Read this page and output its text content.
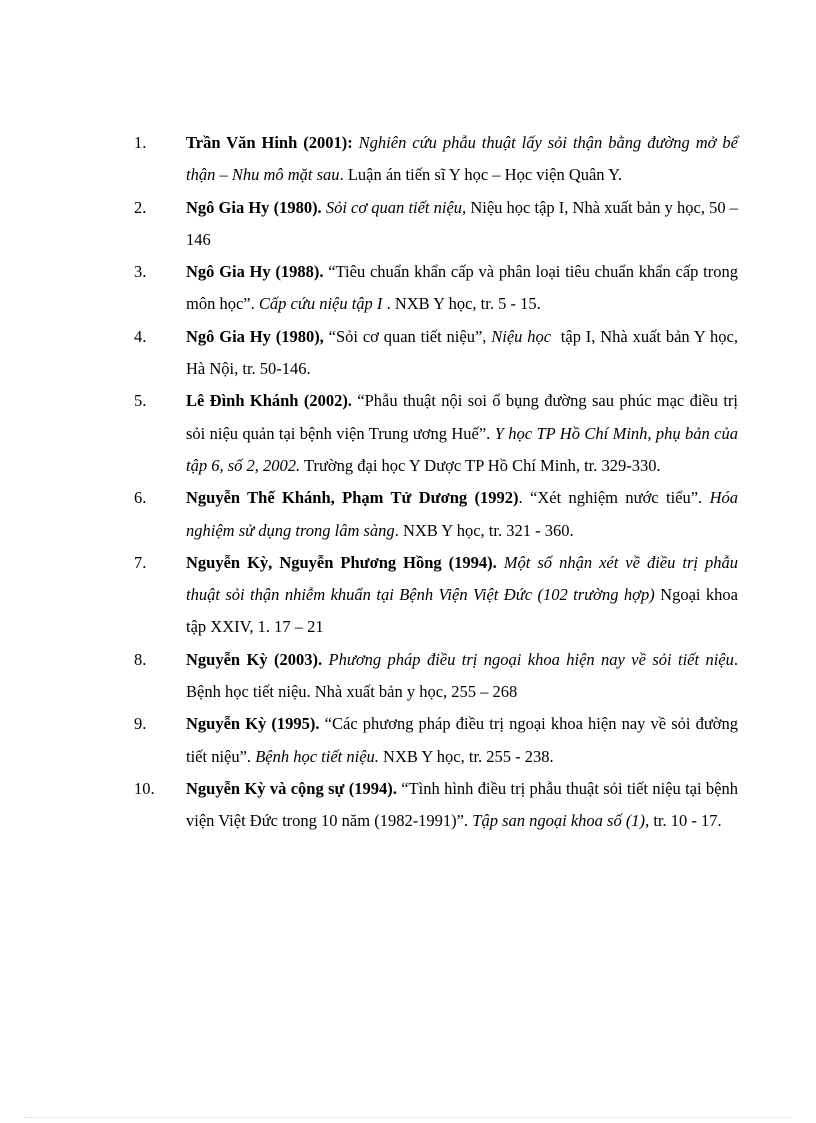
1. Trần Văn Hinh (2001): Nghiên cứu phẫu thuật lấy sỏi thận bằng đường mở bể thận – Nhu mô mặt sau. Luận án tiến sĩ Y học – Học viện Quân Y.
2. Ngô Gia Hy (1980). Sỏi cơ quan tiết niệu, Niệu học tập I, Nhà xuất bản y học, 50 – 146
3. Ngô Gia Hy (1988). “Tiêu chuẩn khẩn cấp và phân loại tiêu chuẩn khẩn cấp trong môn học”. Cấp cứu niệu tập I . NXB Y học, tr. 5 - 15.
4. Ngô Gia Hy (1980), “Sỏi cơ quan tiết niệu”, Niệu học  tập I, Nhà xuất bản Y học, Hà Nội, tr. 50-146.
5. Lê Đình Khánh (2002). “Phẫu thuật nội soi ổ bụng đường sau phúc mạc điều trị sỏi niệu quản tại bệnh viện Trung ương Huế”. Y học TP Hồ Chí Minh, phụ bản của tập 6, số 2, 2002. Trường đại học Y Dược TP Hồ Chí Minh, tr. 329-330.
6. Nguyễn Thế Khánh, Phạm Tử Dương (1992). “Xét nghiệm nước tiểu”. Hóa nghiệm sử dụng trong lâm sàng. NXB Y học, tr. 321 - 360.
7. Nguyễn Kỳ, Nguyễn Phương Hồng (1994). Một số nhận xét về điều trị phẫu thuật sỏi thận nhiễm khuẩn tại Bệnh Viện Việt Đức (102 trường hợp) Ngoại khoa tập XXIV, 1. 17 – 21
8. Nguyễn Kỳ (2003). Phương pháp điều trị ngoại khoa hiện nay về sỏi tiết niệu. Bệnh học tiết niệu. Nhà xuất bản y học, 255 – 268
9. Nguyễn Kỳ (1995). “Các phương pháp điều trị ngoại khoa hiện nay về sỏi đường tiết niệu”. Bệnh học tiết niệu. NXB Y học, tr. 255 - 238.
10. Nguyễn Kỳ và cộng sự (1994). “Tình hình điều trị phẫu thuật sỏi tiết niệu tại bệnh viện Việt Đức trong 10 năm (1982-1991)”. Tập san ngoại khoa số (1), tr. 10 - 17.
